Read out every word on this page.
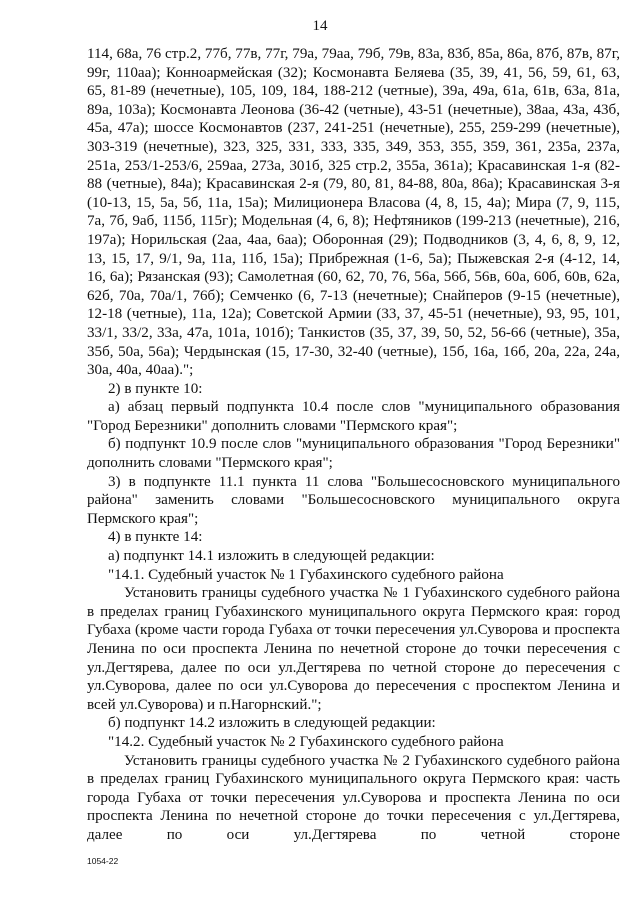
14

114, 68а, 76 стр.2, 77б, 77в, 77г, 79а, 79аа, 79б, 79в, 83а, 83б, 85а, 86а, 87б, 87в, 87г, 99г, 110аа); Конноармейская (32); Космонавта Беляева (35, 39, 41, 56, 59, 61, 63, 65, 81-89 (нечетные), 105, 109, 184, 188-212 (четные), 39а, 49а, 61а, 61в, 63а, 81а, 89а, 103а); Космонавта Леонова (36-42 (четные), 43-51 (нечетные), 38аа, 43а, 43б, 45а, 47а); шоссе Космонавтов (237, 241-251 (нечетные), 255, 259-299 (нечетные), 303-319 (нечетные), 323, 325, 331, 333, 335, 349, 353, 355, 359, 361, 235а, 237а, 251а, 253/1-253/6, 259аа, 273а, 301б, 325 стр.2, 355а, 361а); Красавинская 1-я (82-88 (четные), 84а); Красавинская 2-я (79, 80, 81, 84-88, 80а, 86а); Красавинская 3-я (10-13, 15, 5а, 5б, 11а, 15а); Милиционера Власова (4, 8, 15, 4а); Мира (7, 9, 115, 7а, 7б, 9аб, 115б, 115г); Модельная (4, 6, 8); Нефтяников (199-213 (нечетные), 216, 197а); Норильская (2аа, 4аа, 6аа); Оборонная (29); Подводников (3, 4, 6, 8, 9, 12, 13, 15, 17, 9/1, 9а, 11а, 11б, 15а); Прибрежная (1-6, 5а); Пыжевская 2-я (4-12, 14, 16, 6а); Рязанская (93); Самолетная (60, 62, 70, 76, 56а, 56б, 56в, 60а, 60б, 60в, 62а, 62б, 70а, 70а/1, 76б); Семченко (6, 7-13 (нечетные); Снайперов (9-15 (нечетные), 12-18 (четные), 11а, 12а); Советской Армии (33, 37, 45-51 (нечетные), 93, 95, 101, 33/1, 33/2, 33а, 47а, 101а, 101б); Танкистов (35, 37, 39, 50, 52, 56-66 (четные), 35а, 35б, 50а, 56а); Чердынская (15, 17-30, 32-40 (четные), 15б, 16а, 16б, 20а, 22а, 24а, 30а, 40а, 40аа).";

2) в пункте 10:

а) абзац первый подпункта 10.4 после слов "муниципального образования "Город Березники" дополнить словами "Пермского края";

б) подпункт 10.9 после слов "муниципального образования "Город Березники" дополнить словами "Пермского края";

3) в подпункте 11.1 пункта 11 слова "Большесосновского муниципального района" заменить словами "Большесосновского муниципального округа Пермского края";

4) в пункте 14:

а) подпункт 14.1 изложить в следующей редакции:

"14.1. Судебный участок № 1 Губахинского судебного района

Установить границы судебного участка № 1 Губахинского судебного района в пределах границ Губахинского муниципального округа Пермского края: город Губаха (кроме части города Губаха от точки пересечения ул.Суворова и проспекта Ленина по оси проспекта Ленина по нечетной стороне до точки пересечения с ул.Дегтярева, далее по оси ул.Дегтярева по четной стороне до пересечения с ул.Суворова, далее по оси ул.Суворова до пересечения с проспектом Ленина и всей ул.Суворова) и п.Нагорнский.";

б) подпункт 14.2 изложить в следующей редакции:

"14.2. Судебный участок № 2 Губахинского судебного района

Установить границы судебного участка № 2 Губахинского судебного района в пределах границ Губахинского муниципального округа Пермского края: часть города Губаха от точки пересечения ул.Суворова и проспекта Ленина по оси проспекта Ленина по нечетной стороне до точки пересечения с ул.Дегтярева, далее по оси ул.Дегтярева по четной стороне

1054-22
